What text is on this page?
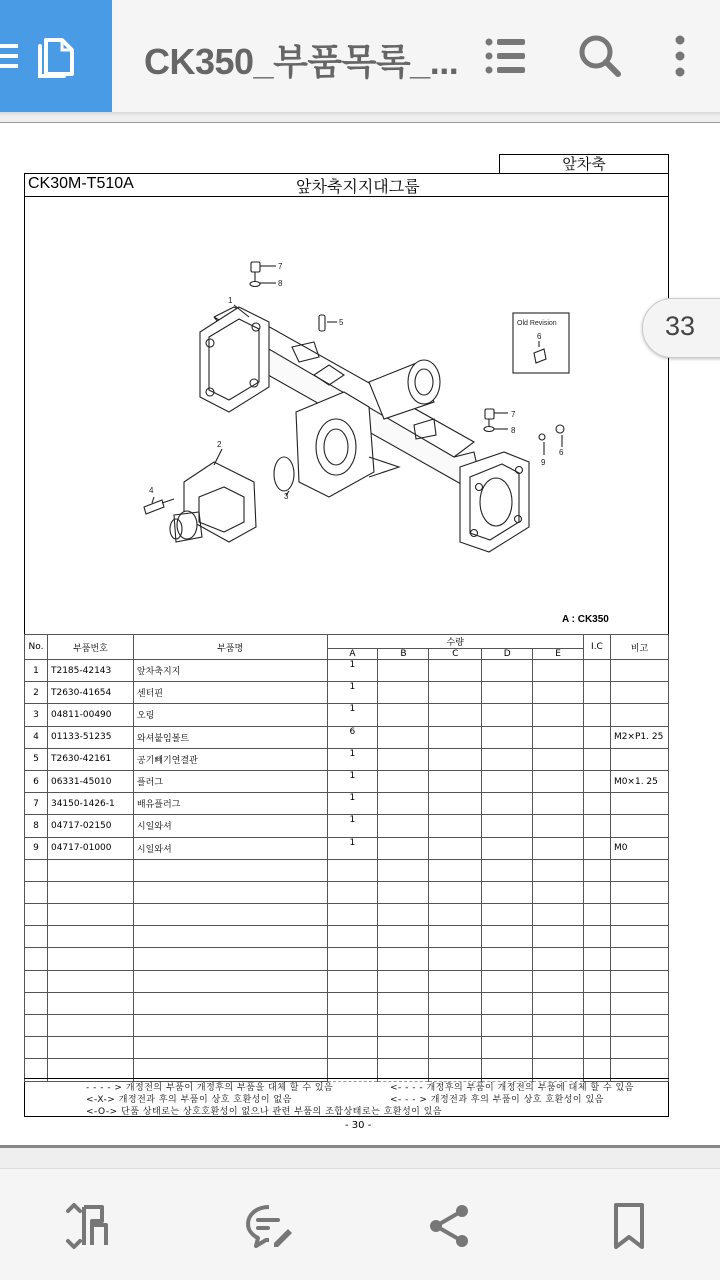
CK350_부품목록_...
앞차축
CK30M-T510A	앞차축지지대그룹
7
8
1
5	Old Revision
6
2
3
4
7
8
9
6
A : CK350
No.	부품번호	부품명	수량					I.C	비고
			A	B	C	D	E		
1	T2185-42143	앞차축지지	1						
2	T2630-41654	센터핀	1						
3	04811-00490	오링	1						
4	01133-51235	와셔붙임볼트	6						M2×P1. 25
5	T2630-42161	공기빼기연결관	1						
6	06331-45010	플러그	1						M0×1. 25
7	34150-1426-1	배유플러그	1						
8	04717-02150	시일와셔	1						
9	04717-01000	시일와셔	1						M0

- - - - > 개정전의 부품이 개정후의 부품을 대체 할 수 있음	<- - - - 개정후의 부품이 개정전의 부품에 대체 할 수 있음
<-X-> 개정전과 후의 부품이 상호 호환성이 없음	<- - - > 개정전과 후의 부품이 상호 호환성이 있음
<-O-> 단품 상태로는 상호호환성이 없으나 관련 부품의 조합상태로는 호환성이 있음
- 30 -
33
